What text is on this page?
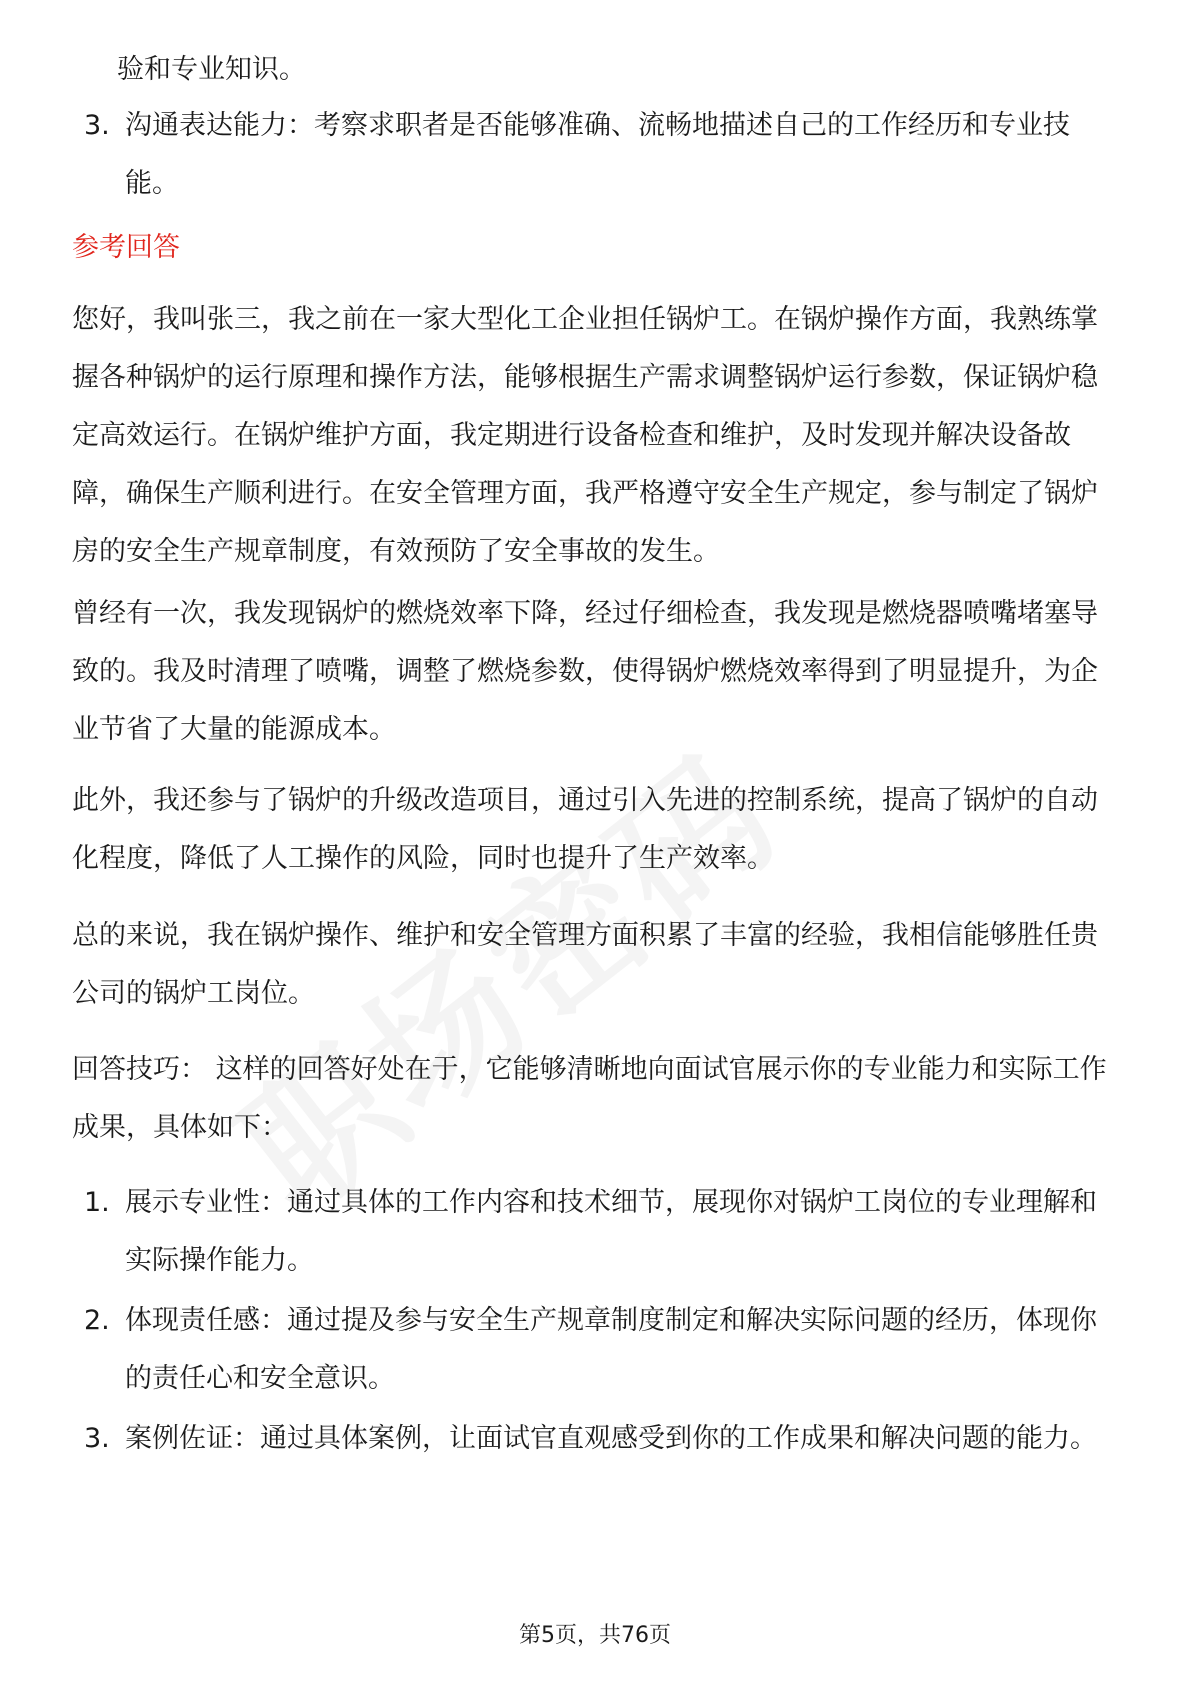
验和专业知识。

3. 沟通表达能力：考察求职者是否能够准确、流畅地描述自己的工作经历和专业技能。
参考回答

您好，我叫张三，我之前在一家大型化工企业担任锅炉工。在锅炉操作方面，我熟练掌握各种锅炉的运行原理和操作方法，能够根据生产需求调整锅炉运行参数，保证锅炉稳定高效运行。在锅炉维护方面，我定期进行设备检查和维护，及时发现并解决设备故障，确保生产顺利进行。在安全管理方面，我严格遵守安全生产规定，参与制定了锅炉房的安全生产规章制度，有效预防了安全事故的发生。

曾经有一次，我发现锅炉的燃烧效率下降，经过仔细检查，我发现是燃烧器喷嘴堵塞导致的。我及时清理了喷嘴，调整了燃烧参数，使得锅炉燃烧效率得到了明显提升，为企业节省了大量的能源成本。

此外，我还参与了锅炉的升级改造项目，通过引入先进的控制系统，提高了锅炉的自动化程度，降低了人工操作的风险，同时也提升了生产效率。

总的来说，我在锅炉操作、维护和安全管理方面积累了丰富的经验，我相信能够胜任贵公司的锅炉工岗位。

回答技巧： 这样的回答好处在于，它能够清晰地向面试官展示你的专业能力和实际工作成果，具体如下：

1. 展示专业性：通过具体的工作内容和技术细节，展现你对锅炉工岗位的专业理解和实际操作能力。
2. 体现责任感：通过提及参与安全生产规章制度制定和解决实际问题的经历，体现你的责任心和安全意识。
3. 案例佐证：通过具体案例，让面试官直观感受到你的工作成果和解决问题的能力。
第5页，共76页
